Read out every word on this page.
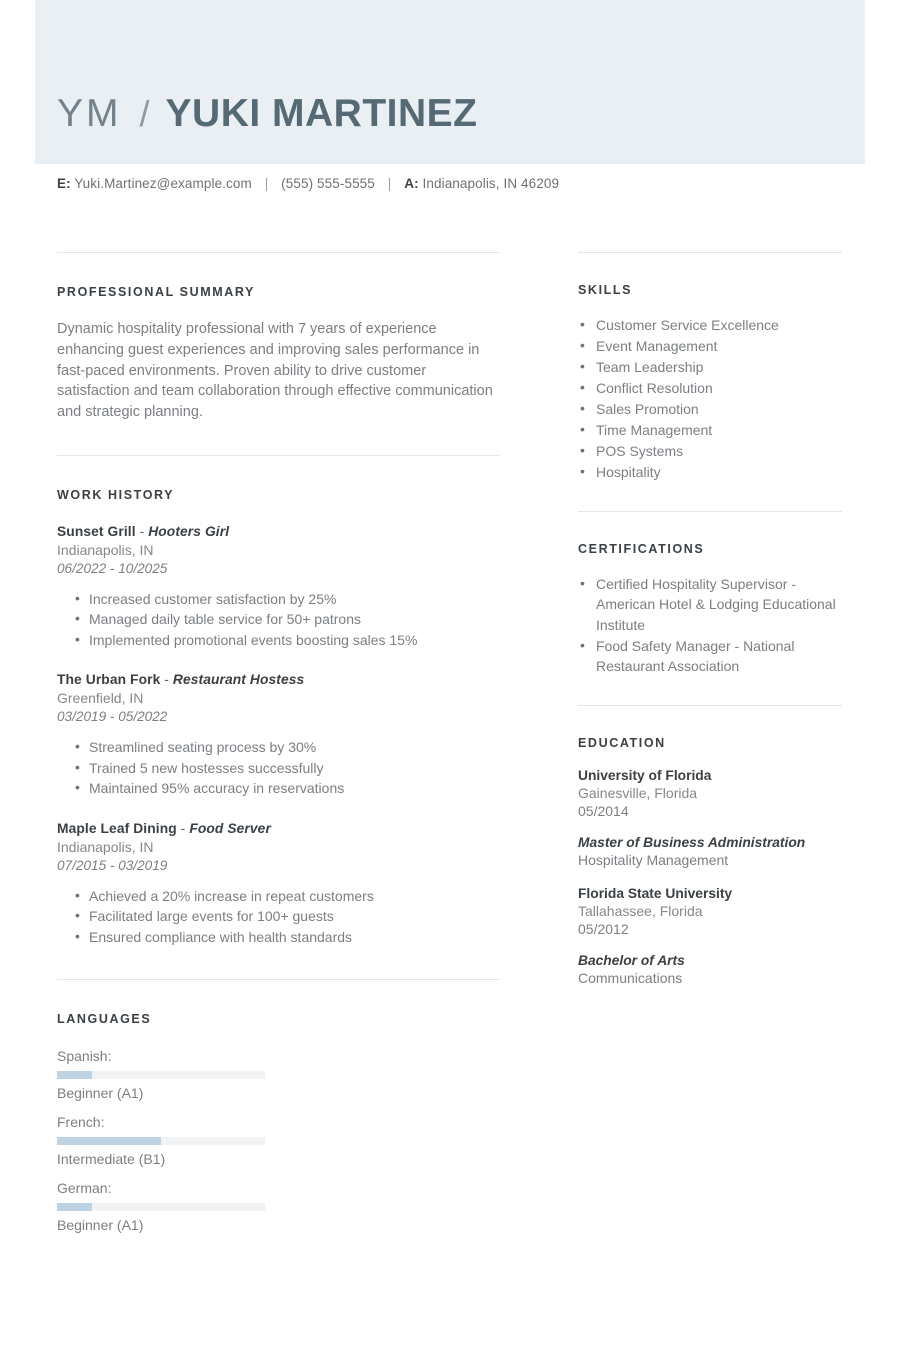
YM / YUKI MARTINEZ
E: Yuki.Martinez@example.com | (555) 555-5555 | A: Indianapolis, IN 46209
PROFESSIONAL SUMMARY
Dynamic hospitality professional with 7 years of experience enhancing guest experiences and improving sales performance in fast-paced environments. Proven ability to drive customer satisfaction and team collaboration through effective communication and strategic planning.
WORK HISTORY
Sunset Grill - Hooters Girl
Indianapolis, IN
06/2022 - 10/2025
• Increased customer satisfaction by 25%
• Managed daily table service for 50+ patrons
• Implemented promotional events boosting sales 15%
The Urban Fork - Restaurant Hostess
Greenfield, IN
03/2019 - 05/2022
• Streamlined seating process by 30%
• Trained 5 new hostesses successfully
• Maintained 95% accuracy in reservations
Maple Leaf Dining - Food Server
Indianapolis, IN
07/2015 - 03/2019
• Achieved a 20% increase in repeat customers
• Facilitated large events for 100+ guests
• Ensured compliance with health standards
LANGUAGES
Spanish:
Beginner (A1)
French:
Intermediate (B1)
German:
Beginner (A1)
SKILLS
• Customer Service Excellence
• Event Management
• Team Leadership
• Conflict Resolution
• Sales Promotion
• Time Management
• POS Systems
• Hospitality
CERTIFICATIONS
• Certified Hospitality Supervisor - American Hotel & Lodging Educational Institute
• Food Safety Manager - National Restaurant Association
EDUCATION
University of Florida
Gainesville, Florida
05/2014
Master of Business Administration
Hospitality Management
Florida State University
Tallahassee, Florida
05/2012
Bachelor of Arts
Communications
